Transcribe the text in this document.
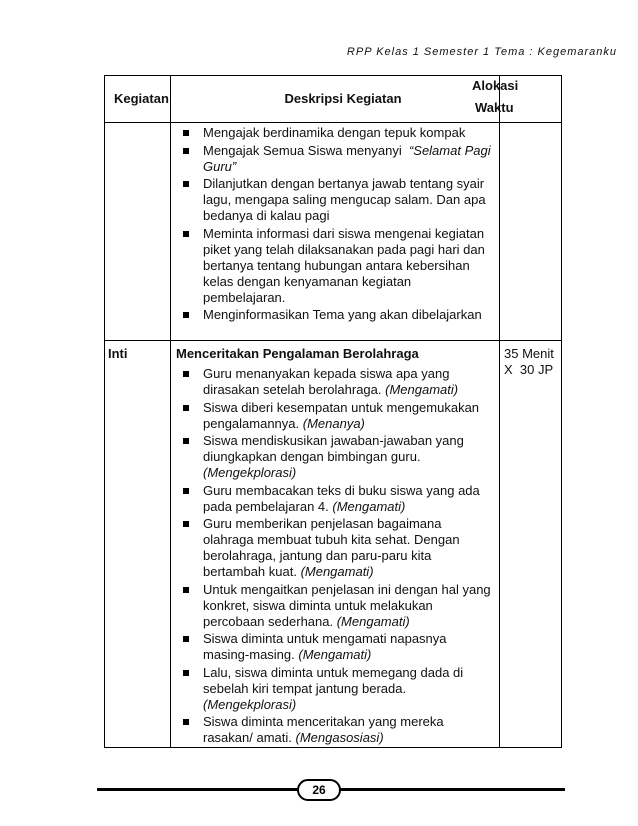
RPP Kelas 1 Semester 1 Tema : Kegemaranku
Kegiatan	Deskripsi Kegiatan
Alokasi
Waktu
Mengajak berdinamika dengan tepuk kompak
Mengajak Semua Siswa menyanyi  “Selamat Pagi
Guru”
Dilanjutkan dengan bertanya jawab tentang syair
lagu, mengapa saling mengucap salam. Dan apa
bedanya di kalau pagi
Meminta informasi dari siswa mengenai kegiatan
piket yang telah dilaksanakan pada pagi hari dan
bertanya tentang hubungan antara kebersihan
kelas dengan kenyamanan kegiatan
pembelajaran.
Menginformasikan Tema yang akan dibelajarkan
Inti	Menceritakan Pengalaman Berolahraga
Guru menanyakan kepada siswa apa yang
dirasakan setelah berolahraga. (Mengamati)
Siswa diberi kesempatan untuk mengemukakan
pengalamannya. (Menanya)
Siswa mendiskusikan jawaban-jawaban yang
diungkapkan dengan bimbingan guru.
(Mengekplorasi)
Guru membacakan teks di buku siswa yang ada
pada pembelajaran 4. (Mengamati)
Guru memberikan penjelasan bagaimana
olahraga membuat tubuh kita sehat. Dengan
berolahraga, jantung dan paru-paru kita
bertambah kuat. (Mengamati)
Untuk mengaitkan penjelasan ini dengan hal yang
konkret, siswa diminta untuk melakukan
percobaan sederhana. (Mengamati)
Siswa diminta untuk mengamati napasnya
masing-masing. (Mengamati)
Lalu, siswa diminta untuk memegang dada di
sebelah kiri tempat jantung berada.
(Mengekplorasi)
Siswa diminta menceritakan yang mereka
rasakan/ amati. (Mengasosiasi)
35 Menit
X  30 JP
26
